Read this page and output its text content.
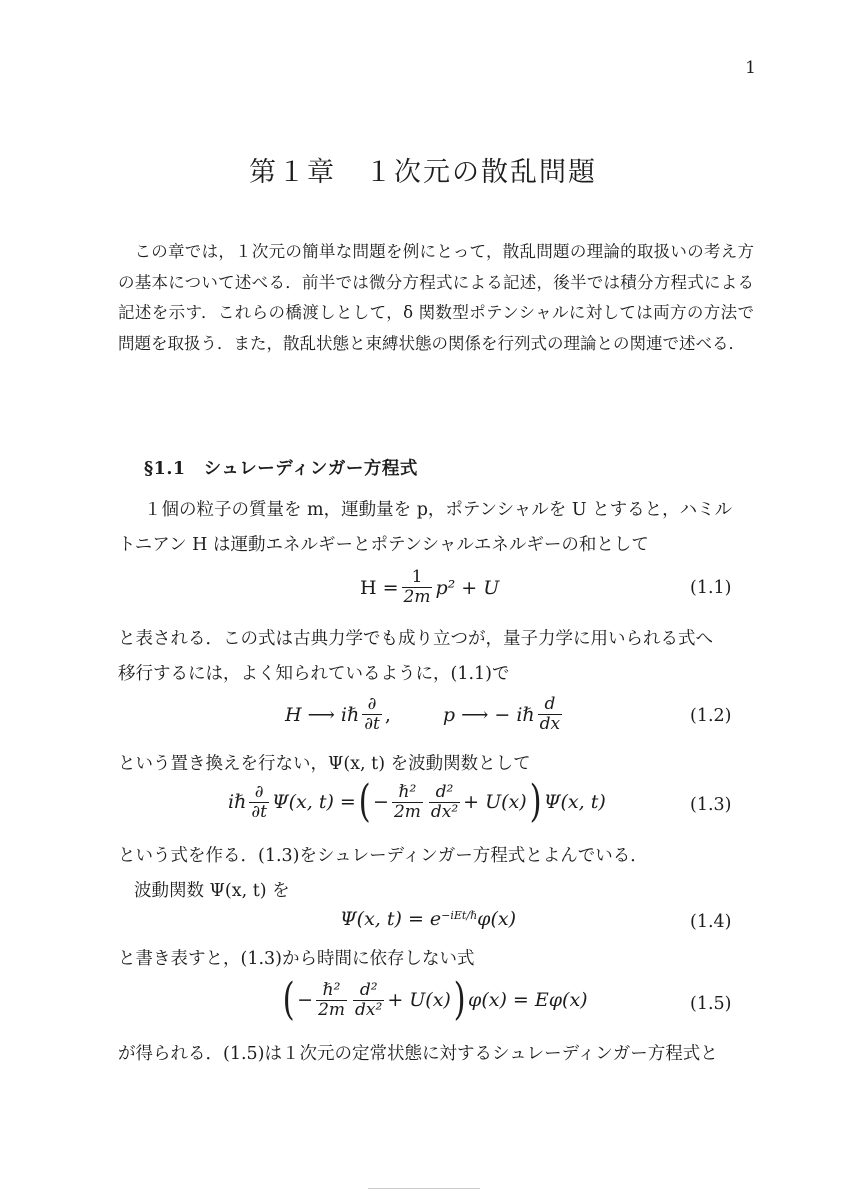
1
第１章　１次元の散乱問題

この章では，１次元の簡単な問題を例にとって，散乱問題の理論的取扱いの考え方の基本について述べる．前半では微分方程式による記述，後半では積分方程式による記述を示す．これらの橋渡しとして，δ 関数型ポテンシャルに対しては両方の方法で問題を取扱う．また，散乱状態と束縛状態の関係を行列式の理論との関連で述べる．

§1.1　シュレーディンガー方程式
１個の粒子の質量を m，運動量を p，ポテンシャルを U とすると，ハミル
トニアン H は運動エネルギーとポテンシャルエネルギーの和として
$H = \frac{1}{2m} p^2 + U$	(1.1)
と表される．この式は古典力学でも成り立つが，量子力学に用いられる式へ
移行するには，よく知られているように，(1.1)で
H ⟶ iℏ $\frac{\partial}{\partial t}$ ,	p ⟶ − iℏ $\frac{d}{dx}$	(1.2)
という置き換えを行ない，Ψ(x, t) を波動関数として
iℏ $\frac{\partial}{\partial t} \Psi(x$, t) = ( − $\frac{\text{ℏ²}}{2m} \frac{\text{d²}}{\text{dx²}} + U(x)$ ) Ψ(x, t)	(1.3)
という式を作る．(1.3)をシュレーディンガー方程式とよんでいる．
波動関数 Ψ(x, t) を
Ψ(x, $t) = e^{-iEt/\hbar}$ φ(x)	(1.4)
と書き表すと，(1.3)から時間に依存しない式
( − $\frac{\text{ℏ²}}{2m} \frac{\text{d²}}{\text{dx²}} + U(x)$ ) φ(x) = Eφ(x)	(1.5)
が得られる．(1.5)は１次元の定常状態に対するシュレーディンガー方程式と
